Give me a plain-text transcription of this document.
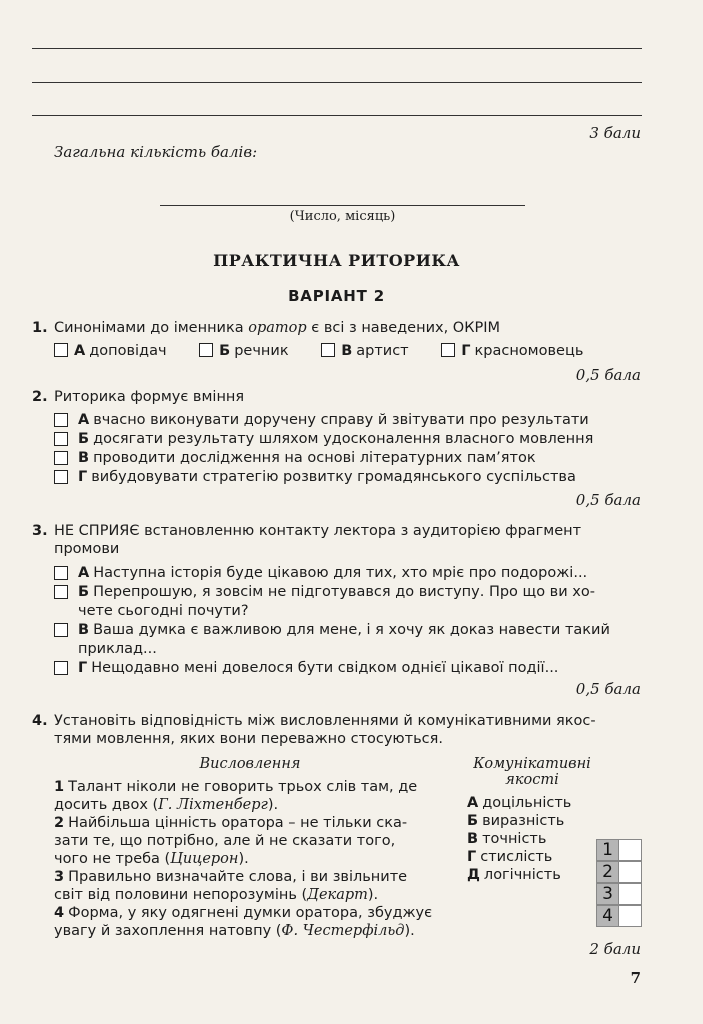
3 бали
Загальна кількість балів:
(Число, місяць)
ПРАКТИЧНА РИТОРИКА
ВАРІАНТ 2
1. Синонімами до іменника оратор є всі з наведених, ОКРІМ
А доповідач	Б речник	В артист	Г красномовець
0,5 бала
2. Риторика формує вміння
А вчасно виконувати доручену справу й звітувати про результати
Б досягати результату шляхом удосконалення власного мовлення
В проводити дослідження на основі літературних пам’яток
Г вибудовувати стратегію розвитку громадянського суспільства
0,5 бала
3. НЕ СПРИЯЄ встановленню контакту лектора з аудиторією фрагмент
промови
А Наступна історія буде цікавою для тих, хто мріє про подорожі...
Б Перепрошую, я зовсім не підготувався до виступу. Про що ви хо-
чете сьогодні почути?
В Ваша думка є важливою для мене, і я хочу як доказ навести такий
приклад...
Г Нещодавно мені довелося бути свідком однієї цікавої події...
0,5 бала
4. Установіть відповідність між висловленнями й комунікативними якос-
тями мовлення, яких вони переважно стосуються.
Висловлення	Комунікативні
якості
1 Талант ніколи не говорить трьох слів там, де
досить двох (Г. Ліхтенберг).
2 Найбільша цінність оратора – не тільки ска-
зати те, що потрібно, але й не сказати того,
чого не треба (Цицерон).
3 Правильно визначайте слова, і ви звільните
світ від половини непорозумінь (Декарт).
4 Форма, у яку одягнені думки оратора, збуджує
увагу й захоплення натовпу (Ф. Честерфільд).
А доцільність
Б виразність
В точність
Г стислість
Д логічність
1
2
3
4
2 бали
7
